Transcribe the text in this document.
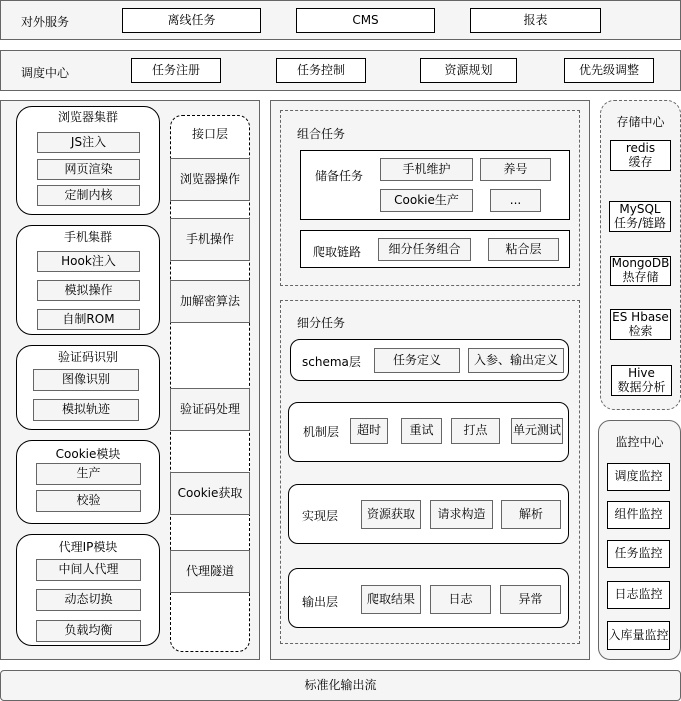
对外服务	离线任务	CMS	报表
调度中心	任务注册	任务控制	资源规划	优先级调整
浏览器集群
JS注入
网页渲染
定制内核
手机集群
Hook注入
模拟操作
自制ROM
验证码识别
图像识别
模拟轨迹
Cookie模块
生产
校验
代理IP模块
中间人代理
动态切换
负载均衡
接口层
浏览器操作
手机操作
加解密算法
验证码处理
Cookie获取
代理隧道
组合任务
储备任务
手机维护	养号
Cookie生产	...
爬取链路	细分任务组合	粘合层
细分任务
schema层	任务定义	入参、输出定义
机制层	超时	重试	打点	单元测试
实现层	资源获取	请求构造	解析
输出层	爬取结果	日志	异常
存储中心
redis
缓存
MySQL
任务/链路
MongoDB
热存储
ES Hbase
检索
Hive
数据分析
监控中心
调度监控
组件监控
任务监控
日志监控
入库量监控
标准化输出流
